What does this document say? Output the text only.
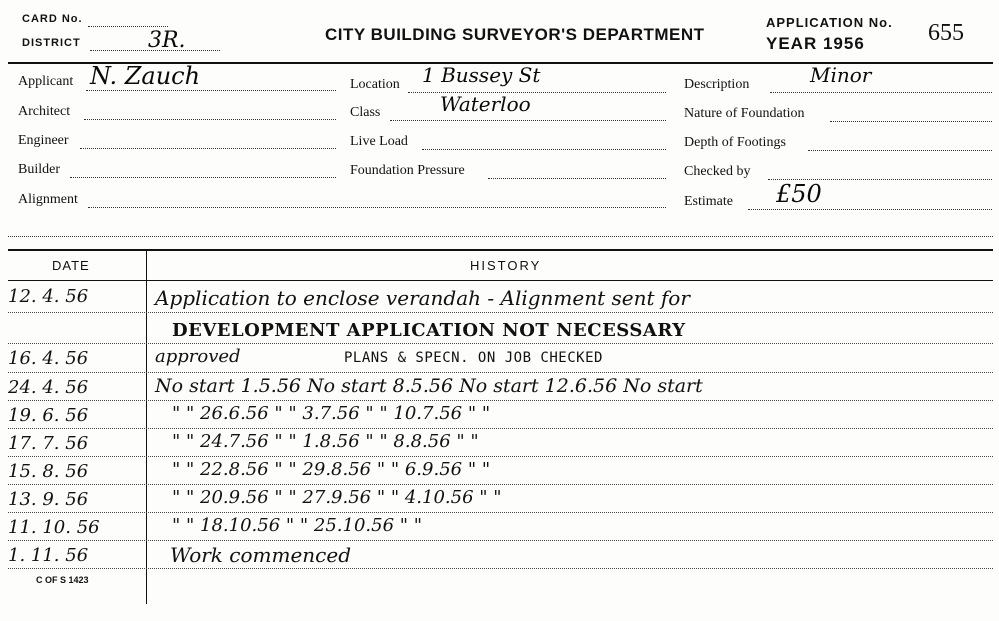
CARD No.
DISTRICT	3R.	CITY BUILDING SURVEYOR'S DEPARTMENT
APPLICATION No.
YEAR 1956	655
Applicant N. Zauch
Architect
Engineer
Builder
Alignment
Location 1 Bussey St
Class	Waterloo
Live Load
Foundation Pressure
Description	Minor
Nature of Foundation
Depth of Footings
Checked by
Estimate £50
DATE	HISTORY
12. 4. 56	Application to enclose verandah - Alignment sent for
DEVELOPMENT APPLICATION NOT NECESSARY
16. 4. 56	approved	PLANS & SPECN. ON JOB CHECKED
24. 4. 56	No start 1.5.56 No start 8.5.56 No start 12.6.56 No start
19. 6. 56	" " 26.6.56 " " 3.7.56 " " 10.7.56 " "
17. 7. 56	" " 24.7.56 " " 1.8.56 " " 8.8.56 " "
15. 8. 56	" " 22.8.56 " " 29.8.56 " " 6.9.56 " "
13. 9. 56	" " 20.9.56 " " 27.9.56 " " 4.10.56 " "
11. 10. 56	" " 18.10.56 " " 25.10.56 " "
1. 11. 56	Work commenced
C OF S 1423
